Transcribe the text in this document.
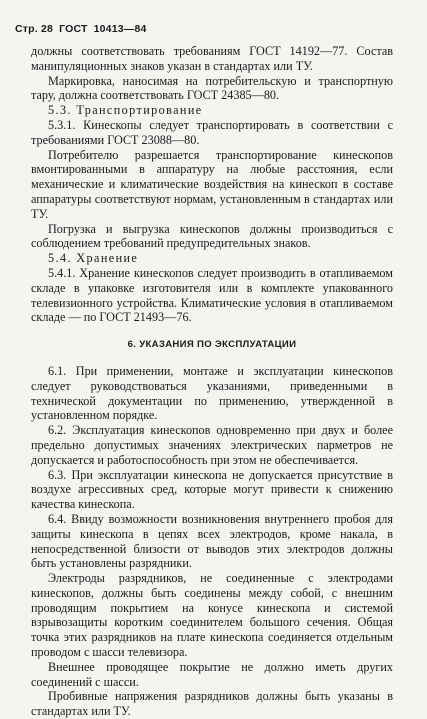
Стр. 28 ГОСТ 10413—84

должны соответствовать требованиям ГОСТ 14192—77. Состав манипуляционных знаков указан в стандартах или ТУ.

Маркировка, наносимая на потребительскую и транспортную тару, должна соответствовать ГОСТ 24385—80.

5.3. Транспортирование

5.3.1. Кинескопы следует транспортировать в соответствии с требованиями ГОСТ 23088—80.

Потребителю разрешается транспортирование кинескопов вмонтированными в аппаратуру на любые расстояния, если механические и климатические воздействия на кинескоп в составе аппаратуры соответствуют нормам, установленным в стандартах или ТУ.

Погрузка и выгрузка кинескопов должны производиться с соблюдением требований предупредительных знаков.

5.4. Хранение

5.4.1. Хранение кинескопов следует производить в отапливаемом складе в упаковке изготовителя или в комплекте упакованного телевизионного устройства. Климатические условия в отапливаемом складе — по ГОСТ 21493—76.

6. УКАЗАНИЯ ПО ЭКСПЛУАТАЦИИ

6.1. При применении, монтаже и эксплуатации кинескопов следует руководствоваться указаниями, приведенными в технической документации по применению, утвержденной в установленном порядке.

6.2. Эксплуатация кинескопов одновременно при двух и более предельно допустимых значениях электрических парметров не допускается и работоспособность при этом не обеспечивается.

6.3. При эксплуатации кинескопа не допускается присутствие в воздухе агрессивных сред, которые могут привести к снижению качества кинескопа.

6.4. Ввиду возможности возникновения внутреннего пробоя для защиты кинескопа в цепях всех электродов, кроме накала, в непосредственной близости от выводов этих электродов должны быть установлены разрядники.

Электроды разрядников, не соединенные с электродами кинескопов, должны быть соединены между собой, с внешним проводящим покрытием на конусе кинескопа и системой взрывозащиты коротким соединителем большого сечения. Общая точка этих разрядников на плате кинескопа соединяется отдельным проводом с шасси телевизора.

Внешнее проводящее покрытие не должно иметь других соединений с шасси.

Пробивные напряжения разрядников должны быть указаны в стандартах или ТУ.
